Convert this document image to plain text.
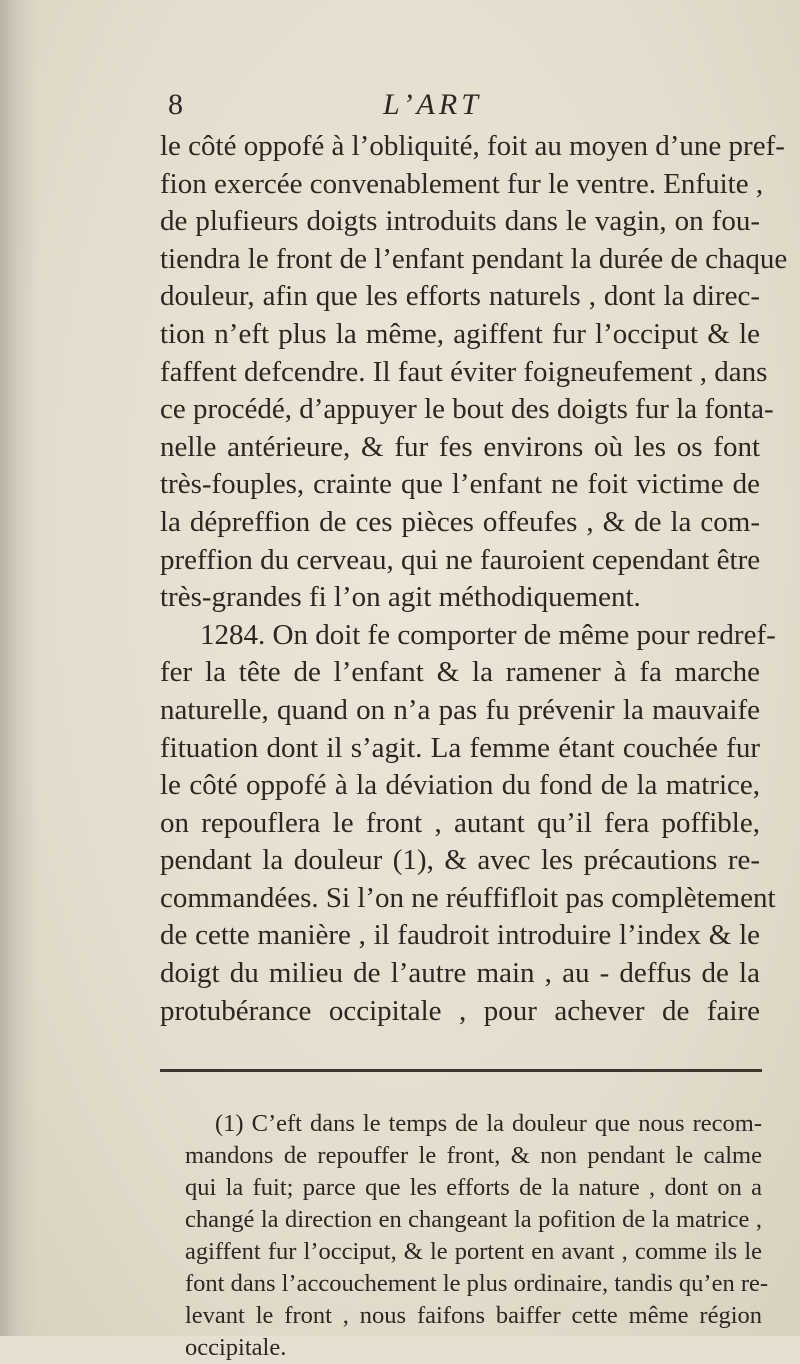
8	L’ART
le côté oppofé à l’obliquité, foit au moyen d’une pref-
fion exercée convenablement fur le ventre. Enfuite ,
de plufieurs doigts introduits dans le vagin, on fou-
tiendra le front de l’enfant pendant la durée de chaque
douleur, afin que les efforts naturels , dont la direc-
tion n’eft plus la même, agiffent fur l’occiput & le
faffent defcendre. Il faut éviter foigneufement , dans
ce procédé, d’appuyer le bout des doigts fur la fonta-
nelle antérieure, & fur fes environs où les os font
très-fouples, crainte que l’enfant ne foit victime de
la dépreffion de ces pièces offeufes , & de la com-
preffion du cerveau, qui ne fauroient cependant être
très-grandes fi l’on agit méthodiquement.
1284. On doit fe comporter de même pour redref-
fer la tête de l’enfant & la ramener à fa marche
naturelle, quand on n’a pas fu prévenir la mauvaife
fituation dont il s’agit. La femme étant couchée fur
le côté oppofé à la déviation du fond de la matrice,
on repouflera le front , autant qu’il fera poffible,
pendant la douleur (1), & avec les précautions re-
commandées. Si l’on ne réuffifloit pas complètement
de cette manière , il faudroit introduire l’index & le
doigt du milieu de l’autre main , au - deffus de la
protubérance occipitale , pour achever de faire
(1) C’eft dans le temps de la douleur que nous recom-
mandons de repouffer le front, & non pendant le calme
qui la fuit; parce que les efforts de la nature , dont on a
changé la direction en changeant la pofition de la matrice ,
agiffent fur l’occiput, & le portent en avant , comme ils le
font dans l’accouchement le plus ordinaire, tandis qu’en re-
levant le front , nous faifons baiffer cette même région
occipitale.
